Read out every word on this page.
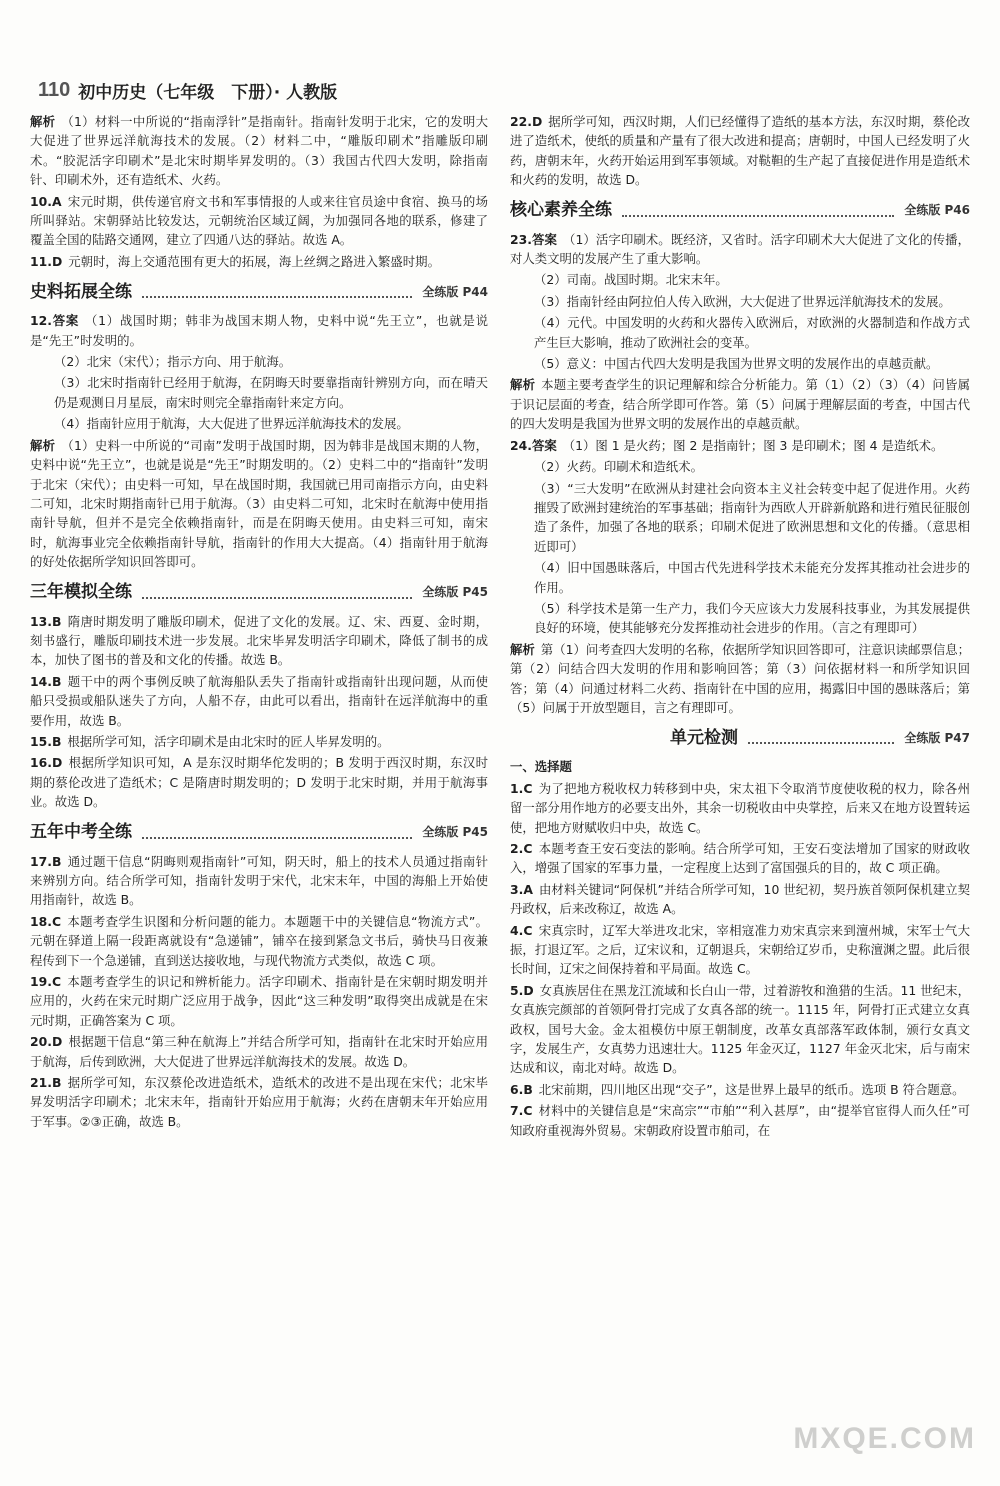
110 初中历史（七年级　下册）· 人教版
解析 （1）材料一中所说的“指南浮针”是指南针。指南针发明于北宋，它的发明大大促进了世界远洋航海技术的发展。（2）材料二中，“雕版印刷术”指雕版印刷术。“胶泥活字印刷术”是北宋时期毕昇发明的。（3）我国古代四大发明，除指南针、印刷术外，还有造纸术、火药。
10.A 宋元时期，供传递官府文书和军事情报的人或来往官员途中食宿、换马的场所叫驿站。宋朝驿站比较发达，元朝统治区域辽阔，为加强同各地的联系，修建了覆盖全国的陆路交通网，建立了四通八达的驿站。故选 A。
11.D 元朝时，海上交通范围有更大的拓展，海上丝绸之路进入繁盛时期。
史料拓展全练	全练版 P44
12.答案 （1）战国时期；韩非为战国末期人物，史料中说“先王立”，也就是说是“先王”时发明的。
（2）北宋（宋代）；指示方向、用于航海。
（3）北宋时指南针已经用于航海，在阴晦天时要靠指南针辨别方向，而在晴天仍是观测日月星辰，南宋时则完全靠指南针来定方向。
（4）指南针应用于航海，大大促进了世界远洋航海技术的发展。
解析 （1）史料一中所说的“司南”发明于战国时期，因为韩非是战国末期的人物，史料中说“先王立”，也就是说是“先王”时期发明的。（2）史料二中的“指南针”发明于北宋（宋代）；由史料一可知，早在战国时期，我国就已用司南指示方向，由史料二可知，北宋时期指南针已用于航海。（3）由史料二可知，北宋时在航海中使用指南针导航，但并不是完全依赖指南针，而是在阴晦天使用。由史料三可知，南宋时，航海事业完全依赖指南针导航，指南针的作用大大提高。（4）指南针用于航海的好处依据所学知识回答即可。
三年模拟全练	全练版 P45
13.B 隋唐时期发明了雕版印刷术，促进了文化的发展。辽、宋、西夏、金时期，刻书盛行，雕版印刷技术进一步发展。北宋毕昇发明活字印刷术，降低了制书的成本，加快了图书的普及和文化的传播。故选 B。
14.B 题干中的两个事例反映了航海船队丢失了指南针或指南针出现问题，从而使船只受损或船队迷失了方向，人船不存，由此可以看出，指南针在远洋航海中的重要作用，故选 B。
15.B 根据所学可知，活字印刷术是由北宋时的匠人毕昇发明的。
16.D 根据所学知识可知，A 是东汉时期华佗发明的；B 发明于西汉时期，东汉时期的蔡伦改进了造纸术；C 是隋唐时期发明的；D 发明于北宋时期，并用于航海事业。故选 D。
五年中考全练	全练版 P45
17.B 通过题干信息“阴晦则观指南针”可知，阴天时，船上的技术人员通过指南针来辨别方向。结合所学可知，指南针发明于宋代，北宋末年，中国的海船上开始使用指南针，故选 B。
18.C 本题考查学生识图和分析问题的能力。本题题干中的关键信息“物流方式”。元朝在驿道上隔一段距离就设有“急递铺”，铺卒在接到紧急文书后，骑快马日夜兼程传到下一个急递铺，直到送达接收地，与现代物流方式类似，故选 C 项。
19.C 本题考查学生的识记和辨析能力。活字印刷术、指南针是在宋朝时期发明并应用的，火药在宋元时期广泛应用于战争，因此“这三种发明”取得突出成就是在宋元时期，正确答案为 C 项。
20.D 根据题干信息“第三种在航海上”并结合所学可知，指南针在北宋时开始应用于航海，后传到欧洲，大大促进了世界远洋航海技术的发展。故选 D。
21.B 据所学可知，东汉蔡伦改进造纸术，造纸术的改进不是出现在宋代；北宋毕昇发明活字印刷术；北宋末年，指南针开始应用于航海；火药在唐朝末年开始应用于军事。②③正确，故选 B。
22.D 据所学可知，西汉时期，人们已经懂得了造纸的基本方法，东汉时期，蔡伦改进了造纸术，使纸的质量和产量有了很大改进和提高；唐朝时，中国人已经发明了火药，唐朝末年，火药开始运用到军事领域。对鞑靼的生产起了直接促进作用是造纸术和火药的发明，故选 D。
核心素养全练	全练版 P46
23.答案 （1）活字印刷术。既经济，又省时。活字印刷术大大促进了文化的传播，对人类文明的发展产生了重大影响。
（2）司南。战国时期。北宋末年。
（3）指南针经由阿拉伯人传入欧洲，大大促进了世界远洋航海技术的发展。
（4）元代。中国发明的火药和火器传入欧洲后，对欧洲的火器制造和作战方式产生巨大影响，推动了欧洲社会的变革。
（5）意义：中国古代四大发明是我国为世界文明的发展作出的卓越贡献。
解析 本题主要考查学生的识记理解和综合分析能力。第（1）（2）（3）（4）问皆属于识记层面的考查，结合所学即可作答。第（5）问属于理解层面的考查，中国古代的四大发明是我国为世界文明的发展作出的卓越贡献。
24.答案 （1）图 1 是火药；图 2 是指南针；图 3 是印刷术；图 4 是造纸术。
（2）火药。印刷术和造纸术。
（3）“三大发明”在欧洲从封建社会向资本主义社会转变中起了促进作用。火药摧毁了欧洲封建统治的军事基础；指南针为西欧人开辟新航路和进行殖民征服创造了条件，加强了各地的联系；印刷术促进了欧洲思想和文化的传播。（意思相近即可）
（4）旧中国愚昧落后，中国古代先进科学技术未能充分发挥其推动社会进步的作用。
（5）科学技术是第一生产力，我们今天应该大力发展科技事业，为其发展提供良好的环境，使其能够充分发挥推动社会进步的作用。（言之有理即可）
解析 第（1）问考查四大发明的名称，依据所学知识回答即可，注意识读邮票信息；第（2）问结合四大发明的作用和影响回答；第（3）问依据材料一和所学知识回答；第（4）问通过材料二火药、指南针在中国的应用，揭露旧中国的愚昧落后；第（5）问属于开放型题目，言之有理即可。
单元检测	全练版 P47
一、选择题
1.C 为了把地方税收权力转移到中央，宋太祖下令取消节度使收税的权力，除各州留一部分用作地方的必要支出外，其余一切税收由中央掌控，后来又在地方设置转运使，把地方财赋收归中央，故选 C。
2.C 本题考查王安石变法的影响。结合所学可知，王安石变法增加了国家的财政收入，增强了国家的军事力量，一定程度上达到了富国强兵的目的，故 C 项正确。
3.A 由材料关键词“阿保机”并结合所学可知，10 世纪初，契丹族首领阿保机建立契丹政权，后来改称辽，故选 A。
4.C 宋真宗时，辽军大举进攻北宋，宰相寇准力劝宋真宗来到澶州城，宋军士气大振，打退辽军。之后，辽宋议和，辽朝退兵，宋朝给辽岁币，史称澶渊之盟。此后很长时间，辽宋之间保持着和平局面。故选 C。
5.D 女真族居住在黑龙江流域和长白山一带，过着游牧和渔猎的生活。11 世纪末，女真族完颜部的首领阿骨打完成了女真各部的统一。1115 年，阿骨打正式建立女真政权，国号大金。金太祖模仿中原王朝制度，改革女真部落军政体制，颁行女真文字，发展生产，女真势力迅速壮大。1125 年金灭辽，1127 年金灭北宋，后与南宋达成和议，南北对峙。故选 D。
6.B 北宋前期，四川地区出现“交子”，这是世界上最早的纸币。选项 B 符合题意。
7.C 材料中的关键信息是“宋高宗”“市舶”“利入甚厚”，由“提举官宦得人而久任”可知政府重视海外贸易。宋朝政府设置市舶司，在
MXQE.COM
